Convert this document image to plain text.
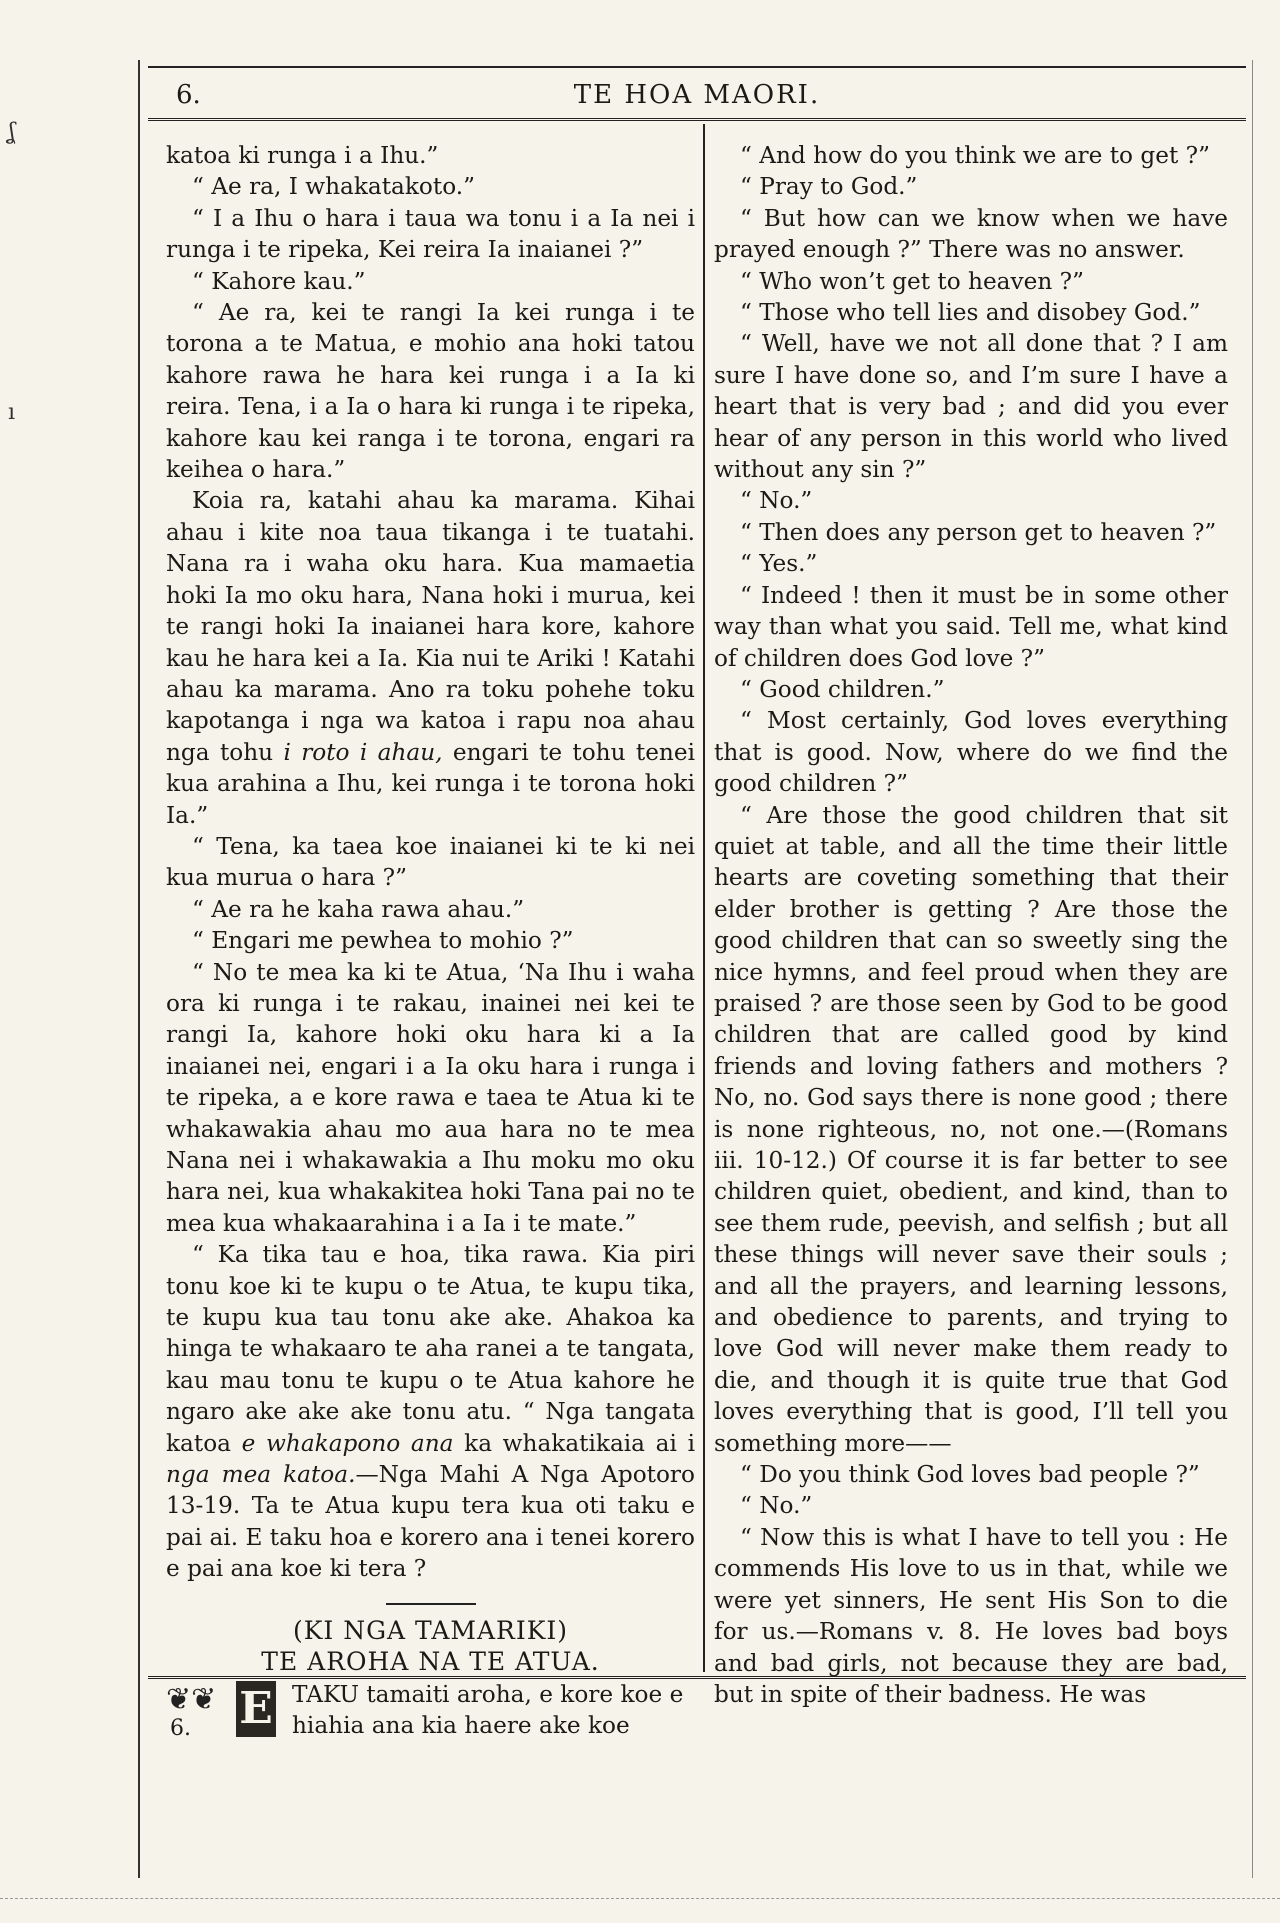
ʆ
ı
6.	TE HOA MAORI.

katoa ki runga i a Ihu.”

“ Ae ra, I whakatakoto.”

“ I a Ihu o hara i taua wa tonu i a Ia nei i runga i te ripeka, Kei reira Ia inaianei ?”

“ Kahore kau.”

“ Ae ra, kei te rangi Ia kei runga i te torona a te Matua, e mohio ana hoki tatou kahore rawa he hara kei runga i a Ia ki reira. Tena, i a Ia o hara ki runga i te ripeka, kahore kau kei ranga i te torona, engari ra keihea o hara.”

Koia ra, katahi ahau ka marama. Kihai ahau i kite noa taua tikanga i te tuatahi. Nana ra i waha oku hara. Kua mamaetia hoki Ia mo oku hara, Nana hoki i murua, kei te rangi hoki Ia inaianei hara kore, kahore kau he hara kei a Ia. Kia nui te Ariki ! Katahi ahau ka marama. Ano ra toku pohehe toku kapotanga i nga wa katoa i rapu noa ahau nga tohu i roto i ahau, engari te tohu tenei kua arahina a Ihu, kei runga i te torona hoki Ia.”

“ Tena, ka taea koe inaianei ki te ki nei kua murua o hara ?”

“ Ae ra he kaha rawa ahau.”

“ Engari me pewhea to mohio ?”

“ No te mea ka ki te Atua, ‘Na Ihu i waha ora ki runga i te rakau, inainei nei kei te rangi Ia, kahore hoki oku hara ki a Ia inaianei nei, engari i a Ia oku hara i runga i te ripeka, a e kore rawa e taea te Atua ki te whakawakia ahau mo aua hara no te mea Nana nei i whakawakia a Ihu moku mo oku hara nei, kua whakakitea hoki Tana pai no te mea kua whakaarahina i a Ia i te mate.”

“ Ka tika tau e hoa, tika rawa. Kia piri tonu koe ki te kupu o te Atua, te kupu tika, te kupu kua tau tonu ake ake. Ahakoa ka hinga te whakaaro te aha ranei a te tangata, kau mau tonu te kupu o te Atua kahore he ngaro ake ake ake tonu atu. “ Nga tangata katoa e whakapono ana ka whakatikaia ai i nga mea katoa.—Nga Mahi A Nga Apotoro 13-19. Ta te Atua kupu tera kua oti taku e pai ai. E taku hoa e korero ana i tenei korero e pai ana koe ki tera ?

(KI NGA TAMARIKI)

TE AROHA NA TE ATUA.

❦❦ E TAKU tamaiti aroha, e kore koe e hiahia ana kia haere ake koe

“ And how do you think we are to get ?”

“ Pray to God.”

“ But how can we know when we have prayed enough ?” There was no answer.

“ Who won’t get to heaven ?”

“ Those who tell lies and disobey God.”

“ Well, have we not all done that ? I am sure I have done so, and I’m sure I have a heart that is very bad ; and did you ever hear of any person in this world who lived without any sin ?”

“ No.”

“ Then does any person get to heaven ?”

“ Yes.”

“ Indeed ! then it must be in some other way than what you said. Tell me, what kind of children does God love ?”

“ Good children.”

“ Most certainly, God loves everything that is good. Now, where do we find the good children ?”

“ Are those the good children that sit quiet at table, and all the time their little hearts are coveting something that their elder brother is getting ? Are those the good children that can so sweetly sing the nice hymns, and feel proud when they are praised ? are those seen by God to be good children that are called good by kind friends and loving fathers and mothers ? No, no. God says there is none good ; there is none righteous, no, not one.—(Romans iii. 10-12.) Of course it is far better to see children quiet, obedient, and kind, than to see them rude, peevish, and selfish ; but all these things will never save their souls ; and all the prayers, and learning lessons, and obedience to parents, and trying to love God will never make them ready to die, and though it is quite true that God loves everything that is good, I’ll tell you something more——

“ Do you think God loves bad people ?”

“ No.”

“ Now this is what I have to tell you : He commends His love to us in that, while we were yet sinners, He sent His Son to die for us.—Romans v. 8. He loves bad boys and bad girls, not because they are bad, but in spite of their badness. He was

6.
